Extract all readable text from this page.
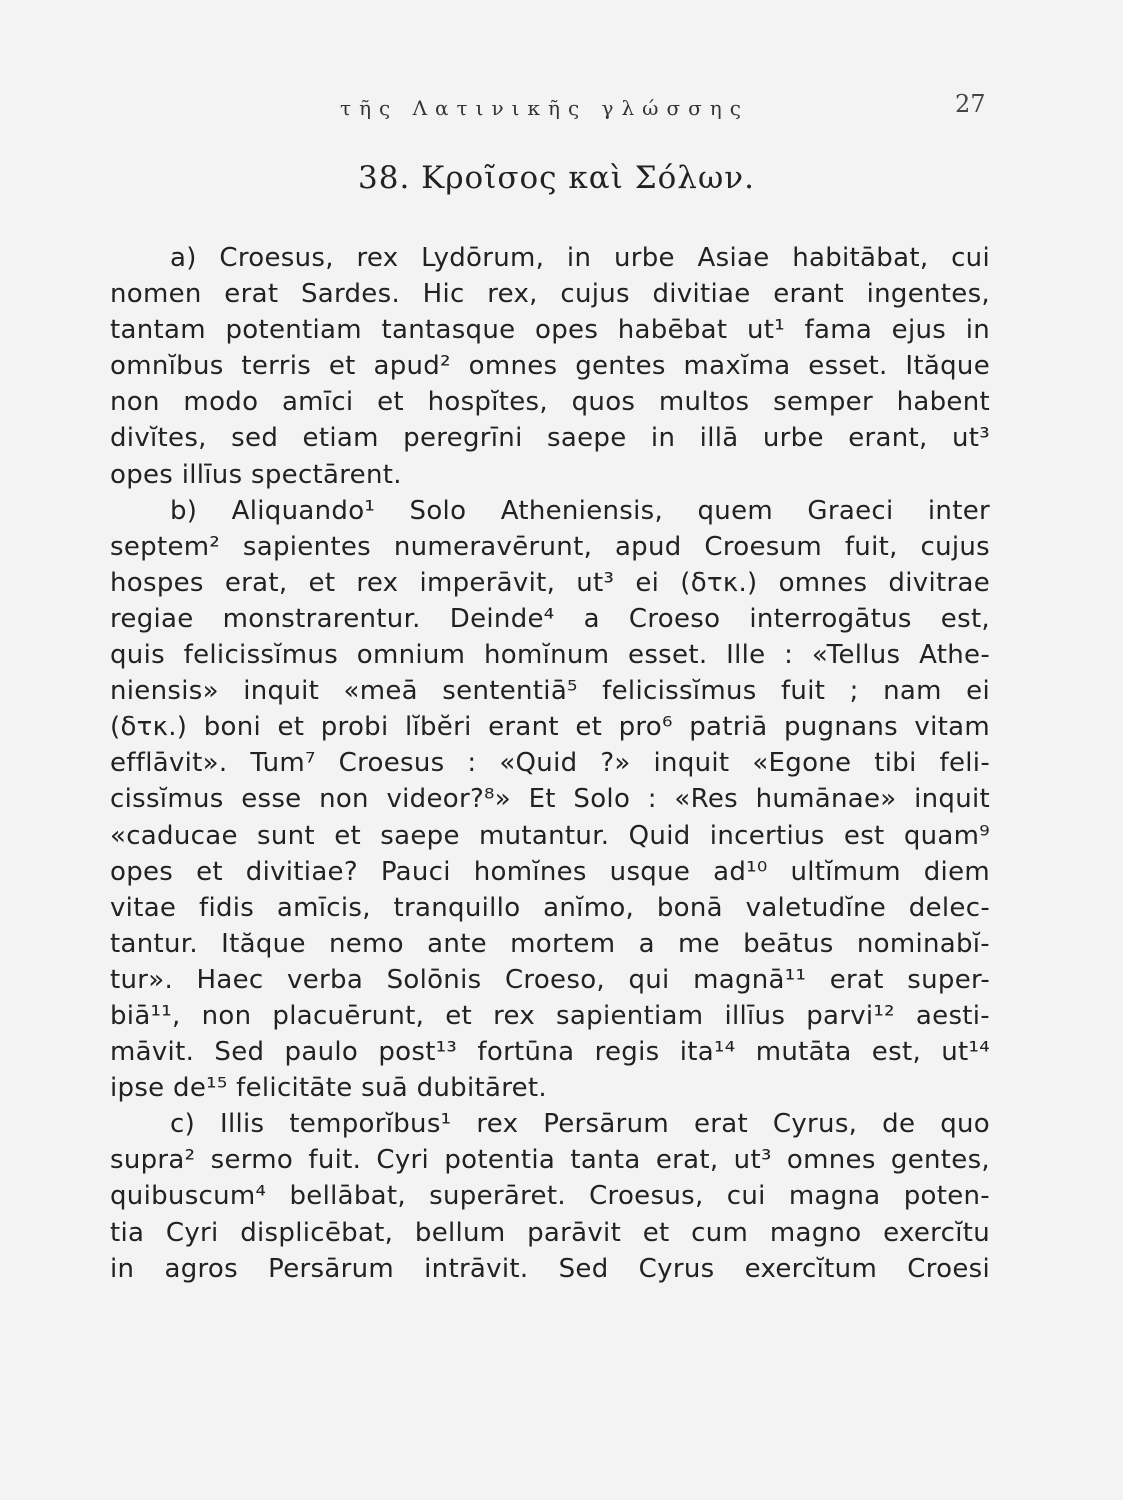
τῆς Λατινικῆς γλώσσης	27
38. Κροῖσος καὶ Σόλων.
a) Croesus, rex Lydōrum, in urbe Asiae habitābat, cui
nomen erat Sardes. Hic rex, cujus divitiae erant ingentes,
tantam potentiam tantasque opes habēbat ut¹ fama ejus in
omnĭbus terris et apud² omnes gentes maxĭma esset. Ităque
non modo amīci et hospĭtes, quos multos semper habent
divĭtes, sed etiam peregrīni saepe in illā urbe erant, ut³
opes illīus spectārent.
b) Aliquando¹ Solo Atheniensis, quem Graeci inter
septem² sapientes numeravērunt, apud Croesum fuit, cujus
hospes erat, et rex imperāvit, ut³ ei (δτκ.) omnes divitrae
regiae monstrarentur. Deinde⁴ a Croeso interrogātus est,
quis felicissĭmus omnium homĭnum esset. Ille : «Tellus Athe-
niensis» inquit «meā sententiā⁵ felicissĭmus fuit ; nam ei
(δτκ.) boni et probi lĭbĕri erant et pro⁶ patriā pugnans vitam
efflāvit». Tum⁷ Croesus : «Quid ?» inquit «Egone tibi feli-
cissĭmus esse non videor?⁸» Et Solo : «Res humānae» inquit
«caducae sunt et saepe mutantur. Quid incertius est quam⁹
opes et divitiae? Pauci homĭnes usque ad¹⁰ ultĭmum diem
vitae fidis amīcis, tranquillo anĭmo, bonā valetudĭne delec-
tantur. Ităque nemo ante mortem a me beātus nominabĭ-
tur». Haec verba Solōnis Croeso, qui magnā¹¹ erat super-
biā¹¹, non placuērunt, et rex sapientiam illīus parvi¹² aesti-
māvit. Sed paulo post¹³ fortūna regis ita¹⁴ mutāta est, ut¹⁴
ipse de¹⁵ felicitāte suā dubitāret.
c) Illis temporĭbus¹ rex Persārum erat Cyrus, de quo
supra² sermo fuit. Cyri potentia tanta erat, ut³ omnes gentes,
quibuscum⁴ bellābat, superāret. Croesus, cui magna poten-
tia Cyri displicēbat, bellum parāvit et cum magno exercĭtu
in agros Persārum intrāvit. Sed Cyrus exercĭtum Croesi
